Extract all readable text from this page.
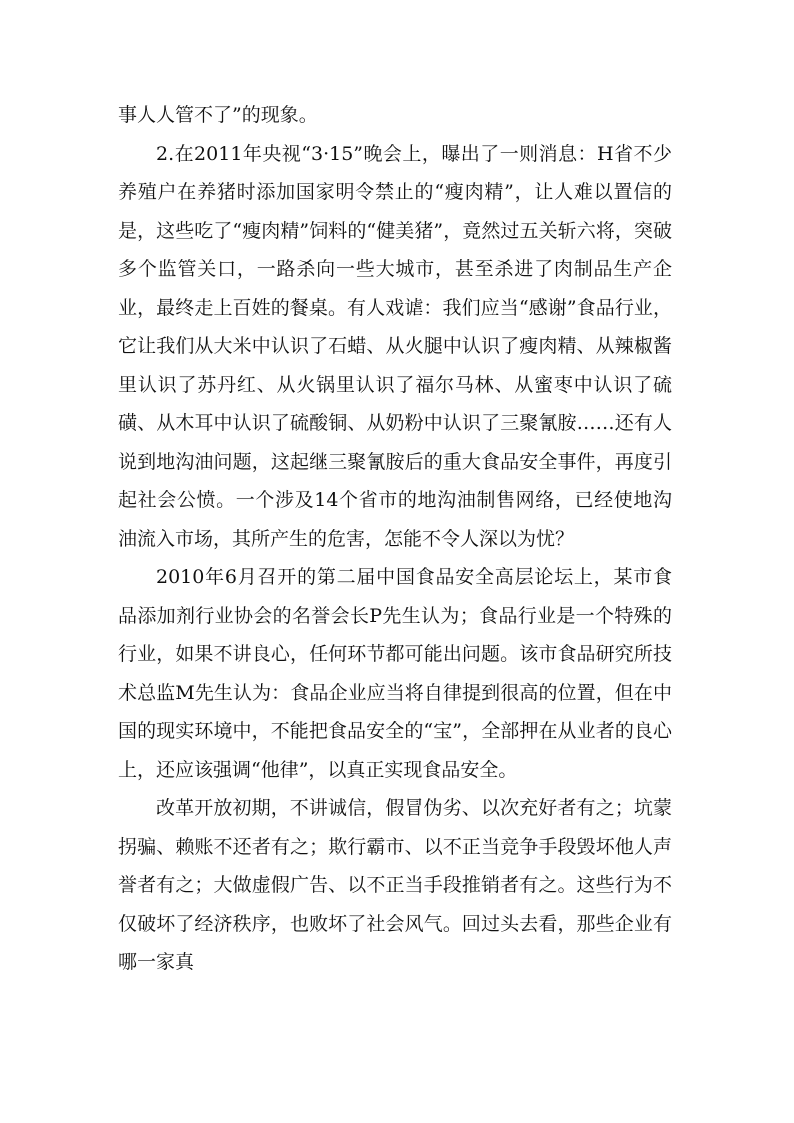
事人人管不了”的现象。

2.在2011年央视“3·15”晚会上，曝出了一则消息：H省不少养殖户在养猪时添加国家明令禁止的“瘦肉精”，让人难以置信的是，这些吃了“瘦肉精”饲料的“健美猪”，竟然过五关斩六将，突破多个监管关口，一路杀向一些大城市，甚至杀进了肉制品生产企业，最终走上百姓的餐桌。有人戏谑：我们应当“感谢”食品行业，它让我们从大米中认识了石蜡、从火腿中认识了瘦肉精、从辣椒酱里认识了苏丹红、从火锅里认识了福尔马林、从蜜枣中认识了硫磺、从木耳中认识了硫酸铜、从奶粉中认识了三聚氰胺……还有人说到地沟油问题，这起继三聚氰胺后的重大食品安全事件，再度引起社会公愤。一个涉及14个省市的地沟油制售网络，已经使地沟油流入市场，其所产生的危害，怎能不令人深以为忧？

2010年6月召开的第二届中国食品安全高层论坛上，某市食品添加剂行业协会的名誉会长P先生认为；食品行业是一个特殊的行业，如果不讲良心，任何环节都可能出问题。该市食品研究所技术总监M先生认为：食品企业应当将自律提到很高的位置，但在中国的现实环境中，不能把食品安全的“宝”，全部押在从业者的良心上，还应该强调“他律”，以真正实现食品安全。

改革开放初期，不讲诚信，假冒伪劣、以次充好者有之；坑蒙拐骗、赖账不还者有之；欺行霸市、以不正当竞争手段毁坏他人声誉者有之；大做虚假广告、以不正当手段推销者有之。这些行为不仅破坏了经济秩序，也败坏了社会风气。回过头去看，那些企业有哪一家真
